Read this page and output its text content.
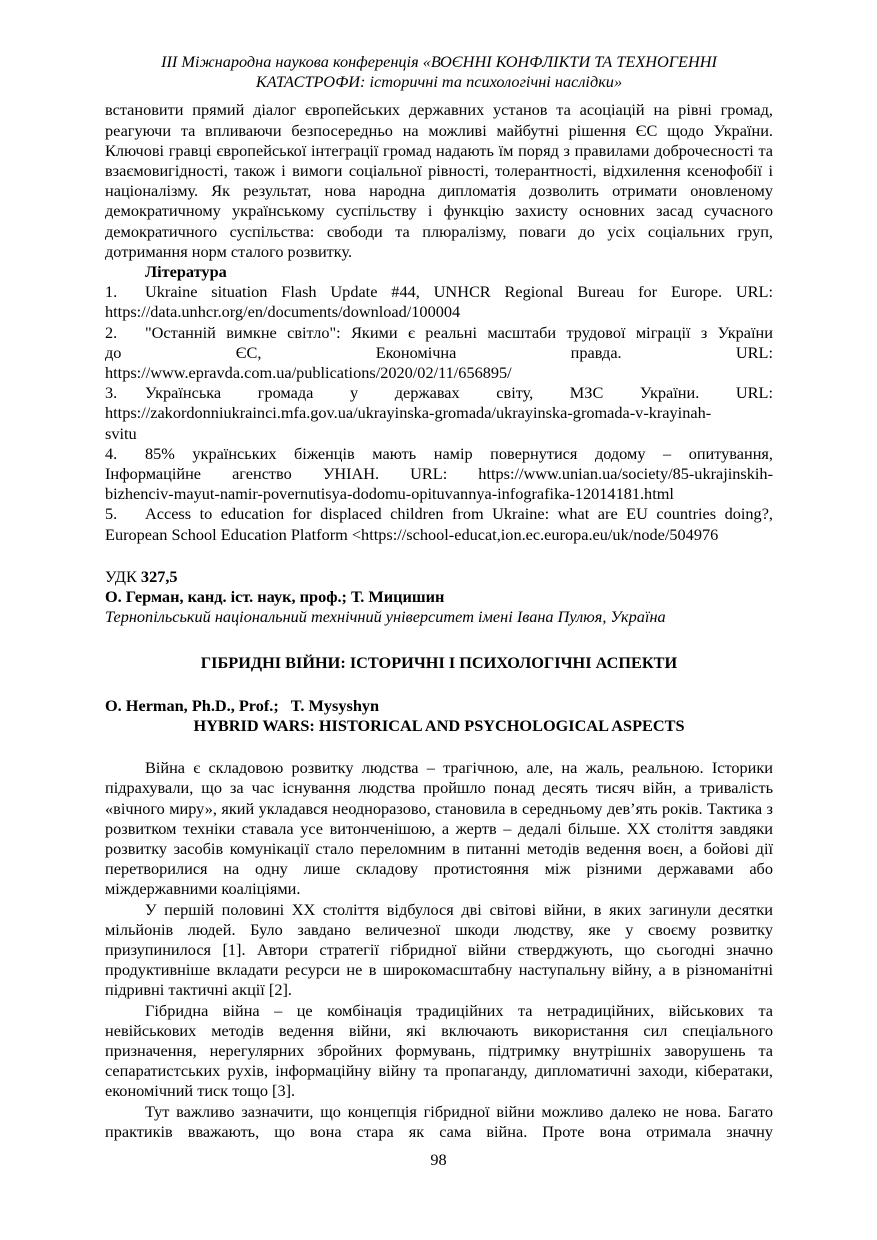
III Міжнародна наукова конференція «ВОЄННІ КОНФЛІКТИ ТА ТЕХНОГЕННІ
КАТАСТРОФИ: історичні та психологічні наслідки»

встановити прямий діалог європейських державних установ та асоціацій на рівні громад, реагуючи та впливаючи безпосередньо на можливі майбутні рішення ЄС щодо України. Ключові гравці європейської інтеграції громад надають їм поряд з правилами доброчесності та взаємовигідності, також і вимоги соціальної рівності, толерантності, відхилення ксенофобії і націоналізму. Як результат, нова народна дипломатія дозволить отримати оновленому демократичному українському суспільству і функцію захисту основних засад сучасного демократичного суспільства: свободи та плюралізму, поваги до усіх соціальних груп, дотримання норм сталого розвитку.

Література
1. Ukraine situation Flash Update #44, UNHCR Regional Bureau for Europe. URL:
https://data.unhcr.org/en/documents/download/100004
2. "Останній вимкне світло": Якими є реальні масштаби трудової міграції з України
до ЄС, Економічна правда. URL:
https://www.epravda.com.ua/publications/2020/02/11/656895/
3. Українська громада у державах світу, МЗС України. URL:
https://zakordonniukrainci.mfa.gov.ua/ukrayinska-gromada/ukrayinska-gromada-v-krayinah-
svitu
4. 85% українських біженців мають намір повернутися додому – опитування,
Інформаційне агенство УНІАН. URL: https://www.unian.ua/society/85-ukrajinskih-
bizhenciv-mayut-namir-povernutisya-dodomu-opituvannya-infografika-12014181.html
5. Access to education for displaced children from Ukraine: what are EU countries doing?,
European School Education Platform <https://school-educat,ion.ec.europa.eu/uk/node/504976
УДК 327,5
О. Герман, канд. іст. наук, проф.; Т. Мицишин
Тернопільський національний технічний університет імені Івана Пулюя, Україна
ГІБРИДНІ ВІЙНИ: ІСТОРИЧНІ І ПСИХОЛОГІЧНІ АСПЕКТИ
O. Herman, Ph.D., Prof.;   T. Mysyshyn
HYBRID WARS: HISTORICAL AND PSYCHOLOGICAL ASPECTS

Війна є складовою розвитку людства – трагічною, але, на жаль, реальною. Історики підрахували, що за час існування людства пройшло понад десять тисяч війн, а тривалість «вічного миру», який укладався неодноразово, становила в середньому дев’ять років. Тактика з розвитком техніки ставала усе витонченішою, а жертв – дедалі більше. XX століття завдяки розвитку засобів комунікації стало переломним в питанні методів ведення воєн, а бойові дії перетворилися на одну лише складову протистояння між різними державами або міждержавними коаліціями.

У першій половині XX століття відбулося дві світові війни, в яких загинули десятки мільйонів людей. Було завдано величезної шкоди людству, яке у своєму розвитку призупинилося [1]. Автори стратегії гібридної війни стверджують, що сьогодні значно продуктивніше вкладати ресурси не в широкомасштабну наступальну війну, а в різноманітні підривні тактичні акції [2].

Гібридна війна – це комбінація традиційних та нетрадиційних, військових та невійськових методів ведення війни, які включають використання сил спеціального призначення, нерегулярних збройних формувань, підтримку внутрішніх заворушень та сепаратистських рухів, інформаційну війну та пропаганду, дипломатичні заходи, кібератаки, економічний тиск тощо [3].

Тут важливо зазначити, що концепція гібридної війни можливо далеко не нова. Багато практиків вважають, що вона стара як сама війна. Проте вона отримала значну

98
